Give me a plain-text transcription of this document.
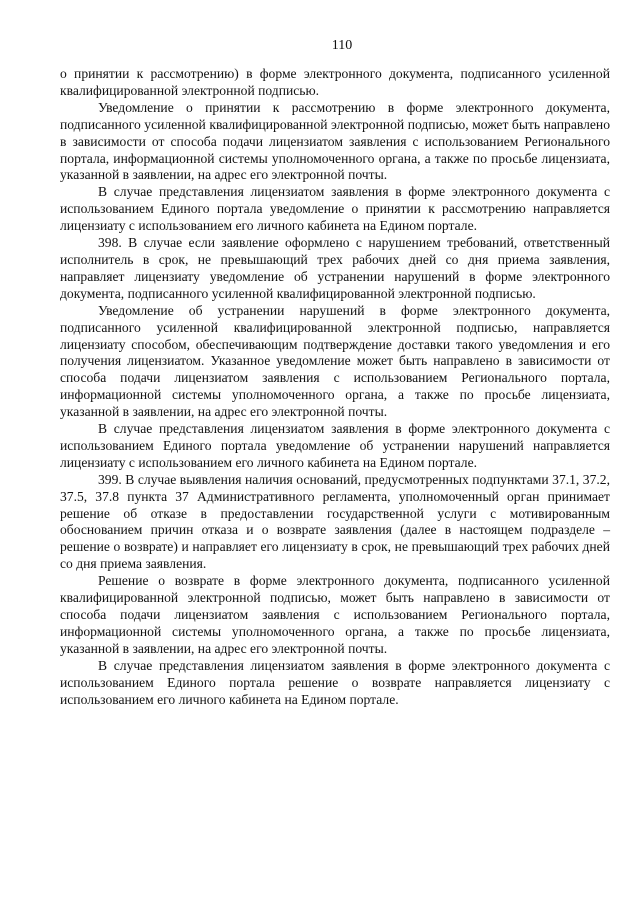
110

о принятии к рассмотрению) в форме электронного документа, подписанного усиленной квалифицированной электронной подписью.

Уведомление о принятии к рассмотрению в форме электронного документа, подписанного усиленной квалифицированной электронной подписью, может быть направлено в зависимости от способа подачи лицензиатом заявления с использованием Регионального портала, информационной системы уполномоченного органа, а также по просьбе лицензиата, указанной в заявлении, на адрес его электронной почты.

В случае представления лицензиатом заявления в форме электронного документа с использованием Единого портала уведомление о принятии к рассмотрению направляется лицензиату с использованием его личного кабинета на Едином портале.

398. В случае если заявление оформлено с нарушением требований, ответственный исполнитель в срок, не превышающий трех рабочих дней со дня приема заявления, направляет лицензиату уведомление об устранении нарушений в форме электронного документа, подписанного усиленной квалифицированной электронной подписью.

Уведомление об устранении нарушений в форме электронного документа, подписанного усиленной квалифицированной электронной подписью, направляется лицензиату способом, обеспечивающим подтверждение доставки такого уведомления и его получения лицензиатом. Указанное уведомление может быть направлено в зависимости от способа подачи лицензиатом заявления с использованием Регионального портала, информационной системы уполномоченного органа, а также по просьбе лицензиата, указанной в заявлении, на адрес его электронной почты.

В случае представления лицензиатом заявления в форме электронного документа с использованием Единого портала уведомление об устранении нарушений направляется лицензиату с использованием его личного кабинета на Едином портале.

399. В случае выявления наличия оснований, предусмотренных подпунктами 37.1, 37.2, 37.5, 37.8 пункта 37 Административного регламента, уполномоченный орган принимает решение об отказе в предоставлении государственной услуги с мотивированным обоснованием причин отказа и о возврате заявления (далее в настоящем подразделе – решение о возврате) и направляет его лицензиату в срок, не превышающий трех рабочих дней со дня приема заявления.

Решение о возврате в форме электронного документа, подписанного усиленной квалифицированной электронной подписью, может быть направлено в зависимости от способа подачи лицензиатом заявления с использованием Регионального портала, информационной системы уполномоченного органа, а также по просьбе лицензиата, указанной в заявлении, на адрес его электронной почты.

В случае представления лицензиатом заявления в форме электронного документа с использованием Единого портала решение о возврате направляется лицензиату с использованием его личного кабинета на Едином портале.
